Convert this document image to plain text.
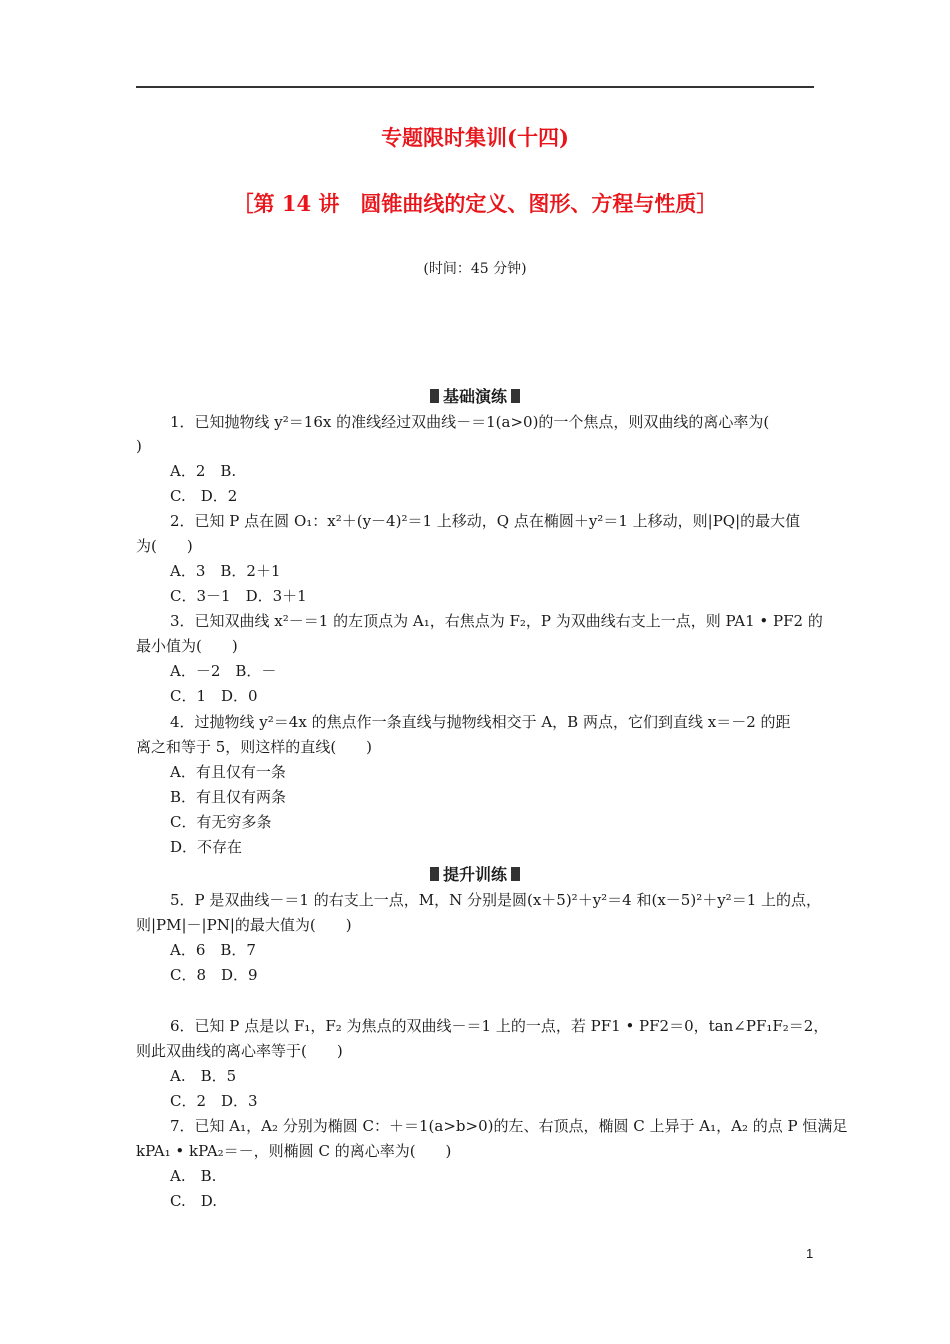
专题限时集训(十四)
［第 14 讲　圆锥曲线的定义、图形、方程与性质］
(时间：45 分钟)
基础演练
1．已知抛物线 y²＝16x 的准线经过双曲线－＝1(a>0)的一个焦点，则双曲线的离心率为(
)
A．2　B.
C.　D．2
2．已知 P 点在圆 O₁：x²＋(y－4)²＝1 上移动，Q 点在椭圆＋y²＝1 上移动，则|PQ|的最大值
为(　　)
A．3　B．2＋1
C．3－1　D．3＋1
3．已知双曲线 x²－＝1 的左顶点为 A₁，右焦点为 F₂，P 为双曲线右支上一点，则 PA1 • PF2 的
最小值为(　　)
A．－2　B．－
C．1　D．0
4．过抛物线 y²＝4x 的焦点作一条直线与抛物线相交于 A，B 两点，它们到直线 x＝－2 的距
离之和等于 5，则这样的直线(　　)
A．有且仅有一条
B．有且仅有两条
C．有无穷多条
D．不存在
提升训练
5．P 是双曲线－＝1 的右支上一点，M，N 分别是圆(x＋5)²＋y²＝4 和(x－5)²＋y²＝1 上的点，
则|PM|－|PN|的最大值为(　　)
A．6　B．7
C．8　D．9
6．已知 P 点是以 F₁，F₂ 为焦点的双曲线－＝1 上的一点，若 PF1 • PF2＝0，tan∠PF₁F₂＝2，
则此双曲线的离心率等于(　　)
A.　B．5
C．2　D．3
7．已知 A₁，A₂ 分别为椭圆 C：＋＝1(a>b>0)的左、右顶点，椭圆 C 上异于 A₁，A₂ 的点 P 恒满足
kPA₁ • kPA₂＝－，则椭圆 C 的离心率为(　　)
A.　B.
C.　D.
1
